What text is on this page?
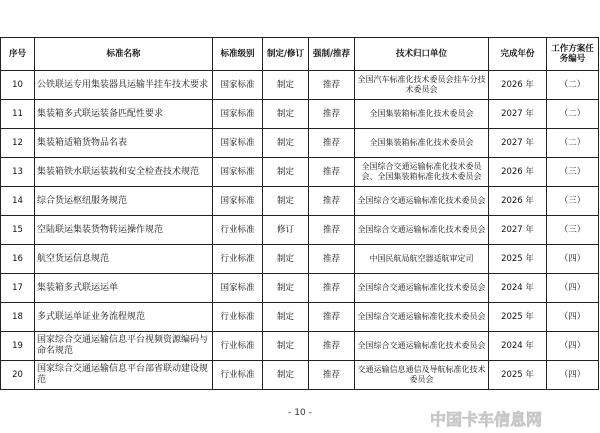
序号	标准名称	标准级别	制定/修订	强制/推荐	技术归口单位	完成年份	工作方案任务编号
10	公铁联运专用集装器具运输半挂车技术要求	国家标准	制定	推荐	全国汽车标准化技术委员会挂车分技术委员会	2026 年	（二）
11	集装箱多式联运装备匹配性要求	国家标准	制定	推荐	全国集装箱标准化技术委员会	2027 年	（二）
12	集装箱适箱货物品名表	国家标准	制定	推荐	全国集装箱标准化技术委员会	2027 年	（二）
13	集装箱铁水联运装载和安全检查技术规范	国家标准	制定	推荐	全国综合交通运输标准化技术委员会、全国集装箱标准化技术委员会	2026 年	（三）
14	综合货运枢纽服务规范	国家标准	制定	推荐	全国综合交通运输标准化技术委员会	2026 年	（三）
15	空陆联运集装货物转运操作规范	行业标准	修订	推荐	全国综合交通运输标准化技术委员会	2027 年	（三）
16	航空货运信息规范	行业标准	制定	推荐	中国民航局航空器适航审定司	2025 年	（四）
17	集装箱多式联运运单	国家标准	制定	推荐	全国综合交通运输标准化技术委员会	2024 年	（四）
18	多式联运单证业务流程规范	行业标准	制定	推荐	全国综合交通运输标准化技术委员会	2025 年	（四）
19	国家综合交通运输信息平台视频资源编码与命名规范	行业标准	制定	推荐	全国综合交通运输标准化技术委员会	2024 年	（四）
20	国家综合交通运输信息平台部省联动建设规范	行业标准	制定	推荐	交通运输信息通信及导航标准化技术委员会	2025 年	（四）
- 10 -	中国卡车信息网
